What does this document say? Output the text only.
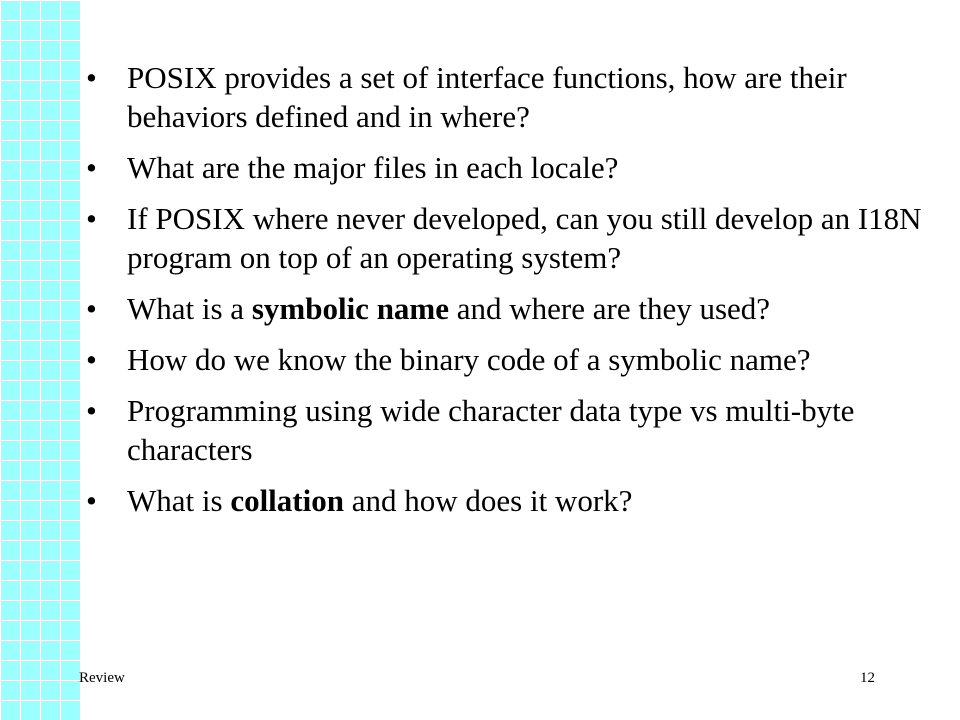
• POSIX provides a set of interface functions, how are their behaviors defined and in where?
• What are the major files in each locale?
• If POSIX where never developed, can you still develop an I18N program on top of an operating system?
• What is a symbolic name and where are they used?
• How do we know the binary code of a symbolic name?
• Programming using wide character data type vs multi-byte characters
• What is collation and how does it work?
Review	12
